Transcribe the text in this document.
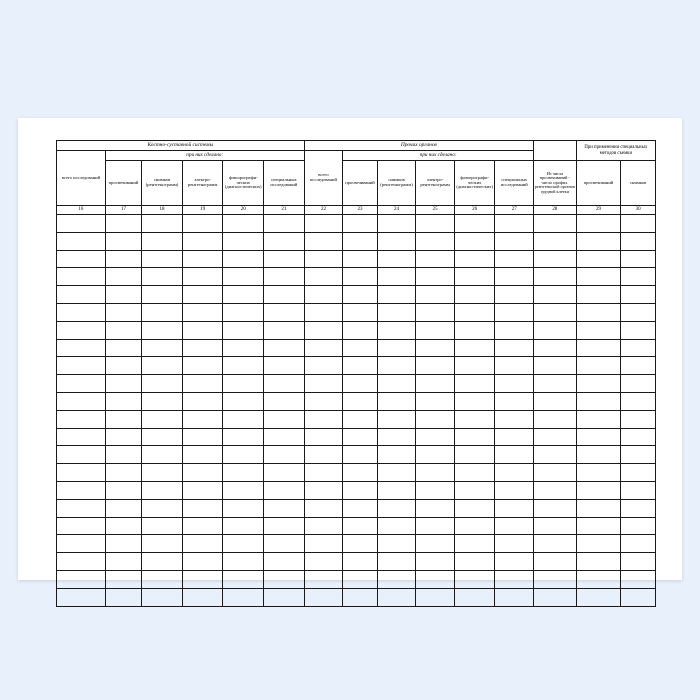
Костно-суставной системы						Прочих органов							При применении специальных методов съемки	
всего исследований	при них сделано:					всего исследований	при них сделано:							
	просвечиваний	снимков (рентгенограмм)	электрорентгенограмм	флюорографических (диагностических)	специальных исследований		просвечиваний	снимков (рентгенограмм)	электрорентгенограмм	флюорографических (диагностических)	специальных исследований	Из числа просвечиваний - число профил. рентгеноской органов грудной клетки	просвечиваний	снимков
16	17	18	19	20	21	22	23	24	25	26	27	28	29	30
